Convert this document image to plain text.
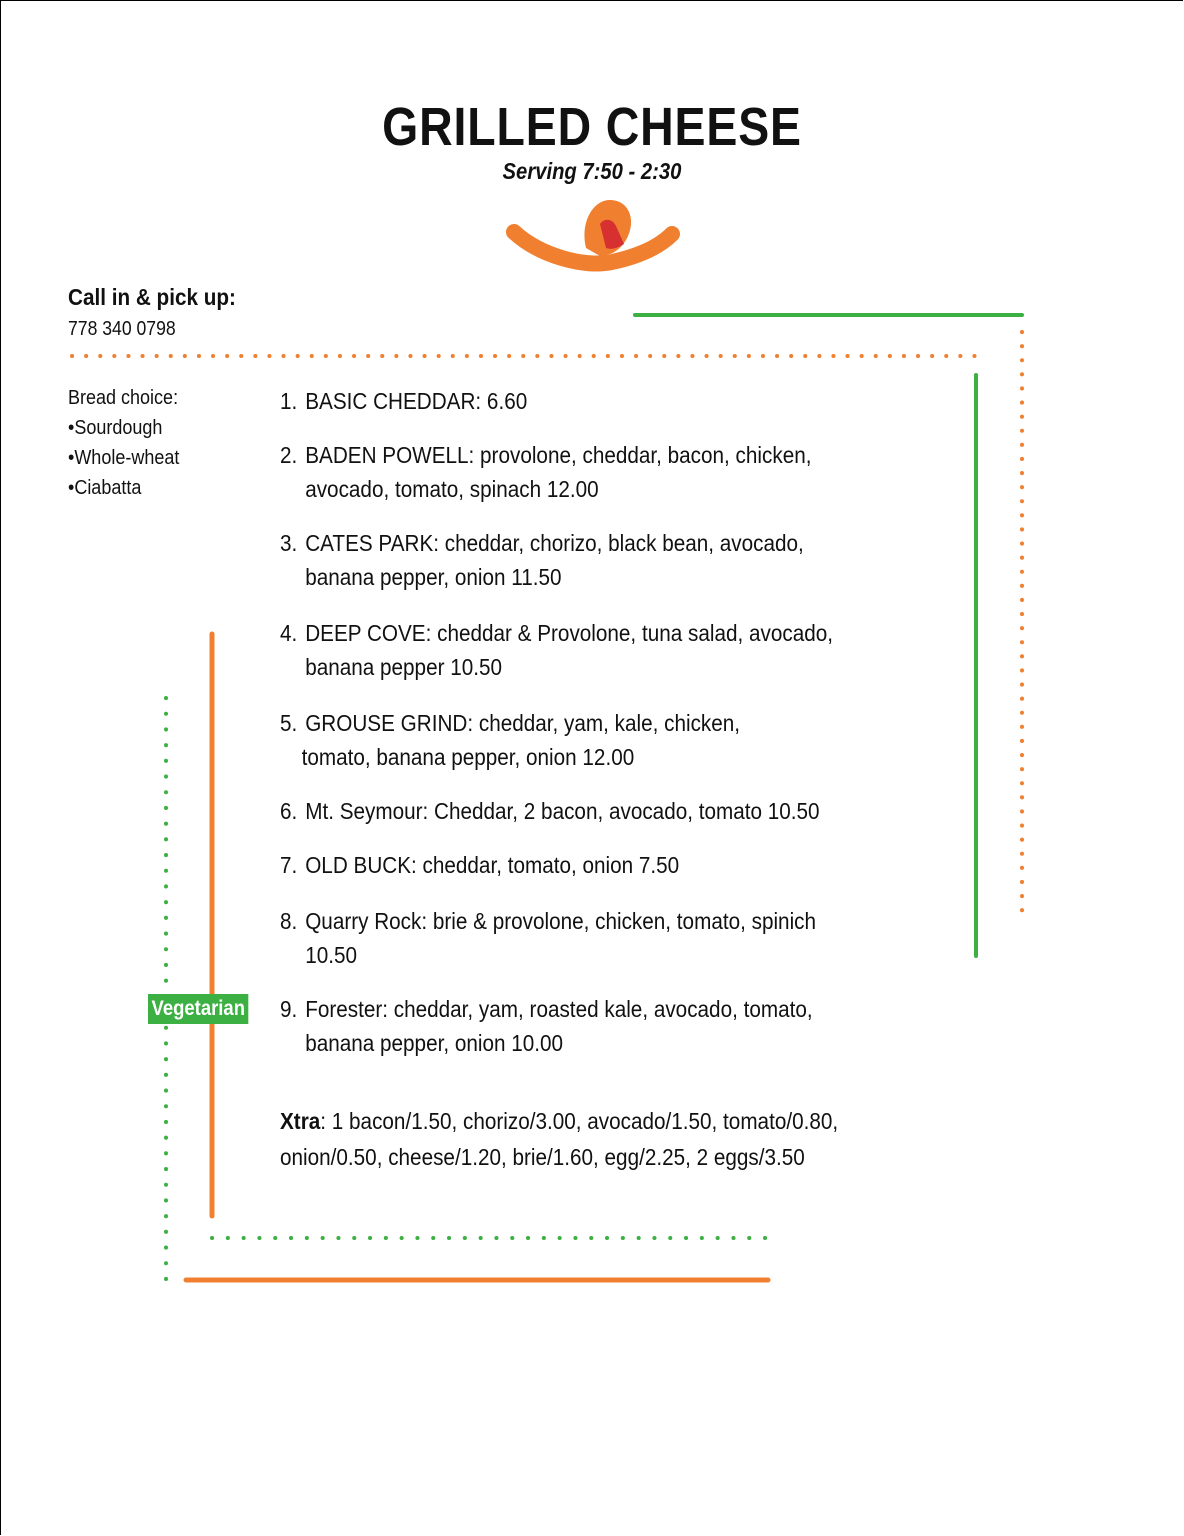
GRILLED CHEESE
Serving 7:50 - 2:30
Call in & pick up:
778 340 0798
Bread choice:
• Sourdough
• Whole-wheat
• Ciabatta
1. BASIC CHEDDAR: 6.60
2. BADEN POWELL: provolone, cheddar, bacon, chicken,
avocado, tomato, spinach 12.00
3. CATES PARK: cheddar, chorizo, black bean, avocado,
banana pepper, onion 11.50
4. DEEP COVE: cheddar & Provolone, tuna salad, avocado,
banana pepper 10.50
5. GROUSE GRIND: cheddar, yam, kale, chicken,
tomato, banana pepper, onion 12.00
6. Mt. Seymour: Cheddar, 2 bacon, avocado, tomato 10.50
7. OLD BUCK: cheddar, tomato, onion 7.50
8. Quarry Rock: brie & provolone, chicken, tomato, spinich
10.50
9. Forester: cheddar, yam, roasted kale, avocado, tomato,
banana pepper, onion 10.00
Vegetarian
Xtra: 1 bacon/1.50, chorizo/3.00, avocado/1.50, tomato/0.80,
onion/0.50, cheese/1.20, brie/1.60, egg/2.25, 2 eggs/3.50
